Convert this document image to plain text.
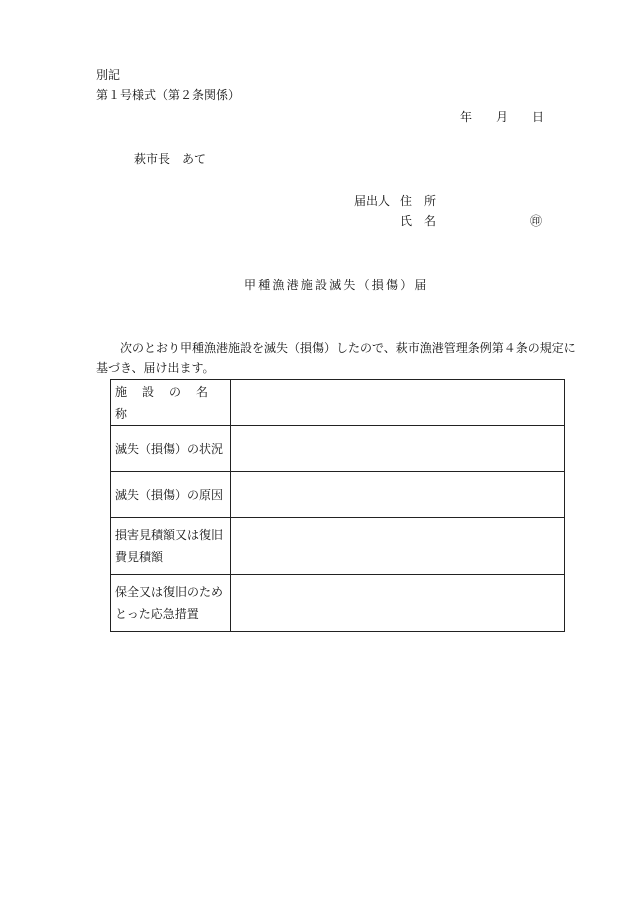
別記
第１号様式（第２条関係）
年 月 日
萩市長　あて
届出人 住　所
氏　名	㊞
甲種漁港施設滅失（損傷）届
次のとおり甲種漁港施設を滅失（損傷）したので、萩市漁港管理条例第４条の規定に
基づき、届け出ます。
施設の名称	
滅失（損傷）の状況	
滅失（損傷）の原因	

損害見積額又は復旧
費見積額	

保全又は復旧のため
とった応急措置	
